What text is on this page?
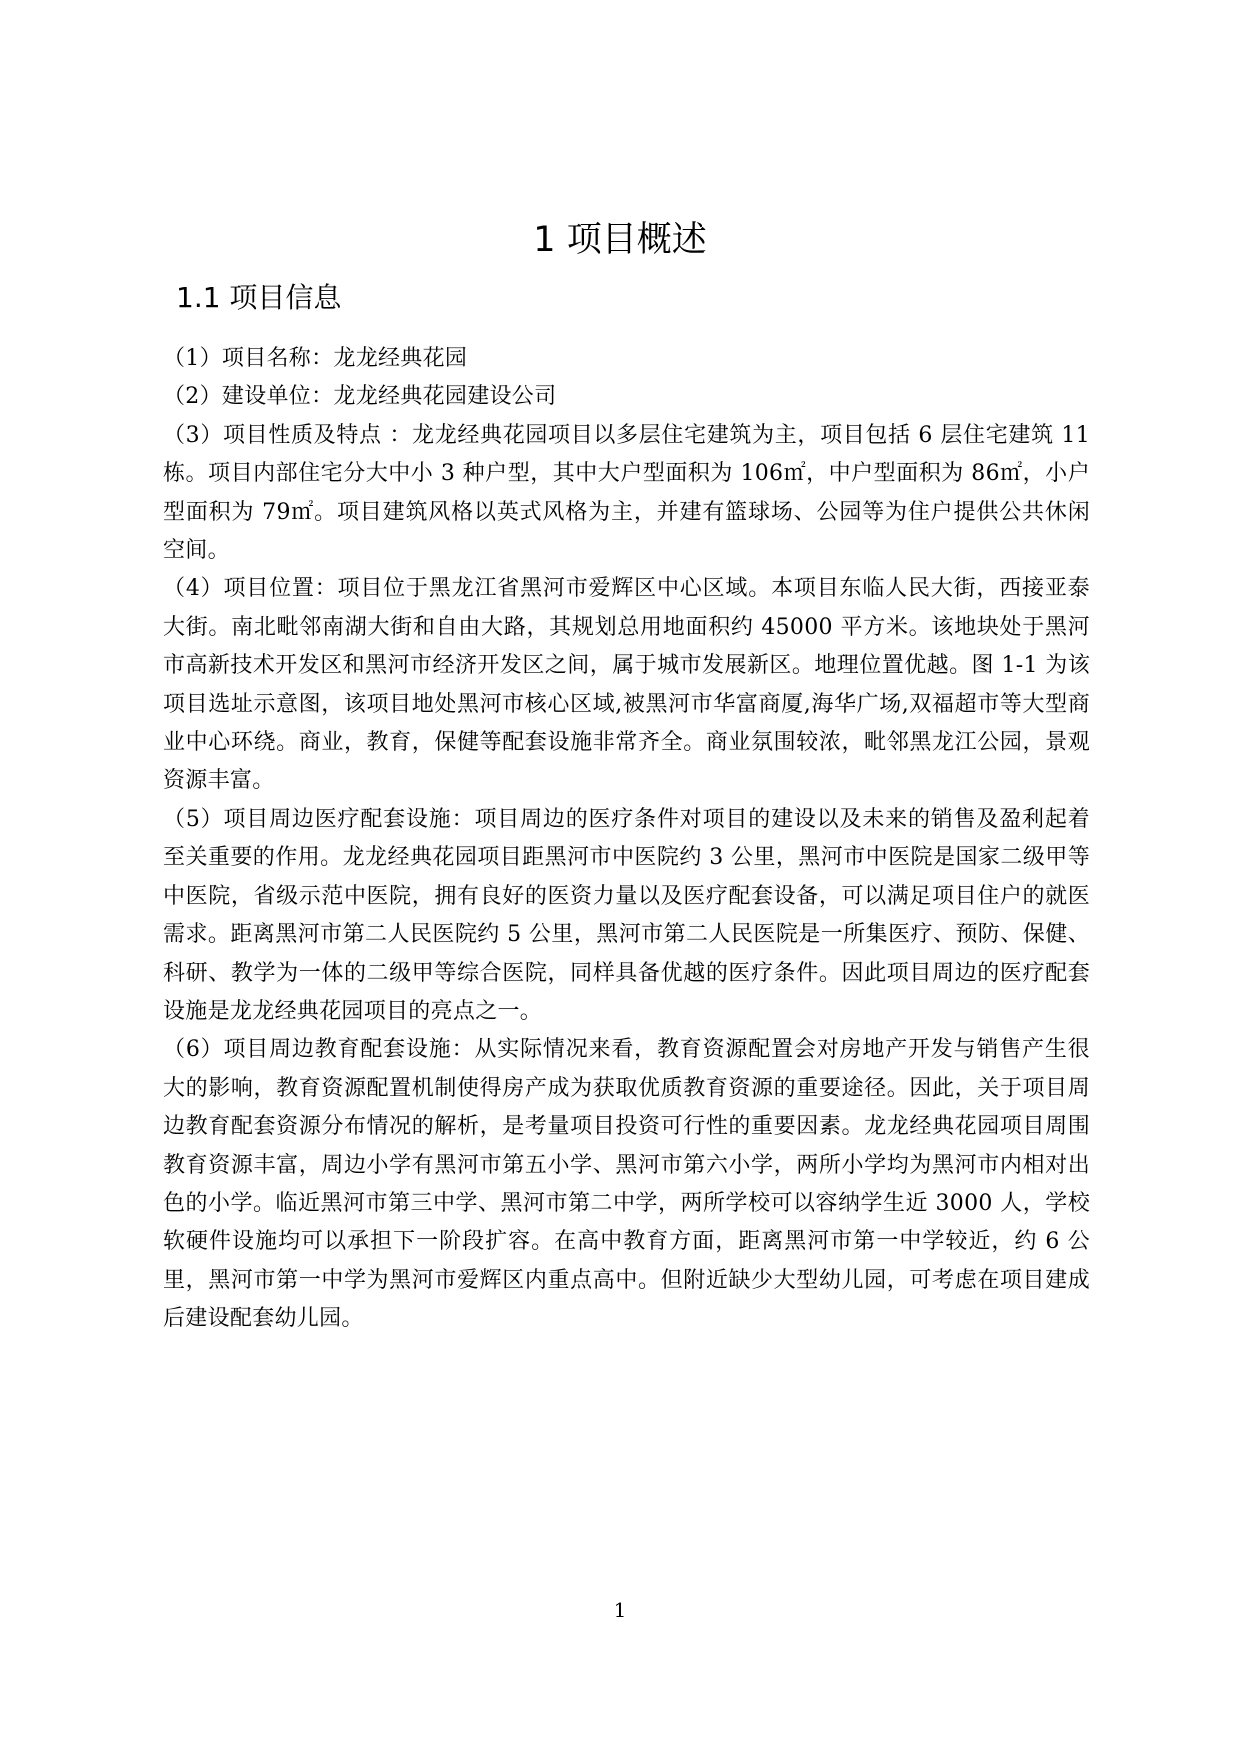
1 项目概述
1.1 项目信息

（1）项目名称：龙龙经典花园

（2）建设单位：龙龙经典花园建设公司

（3）项目性质及特点 ：龙龙经典花园项目以多层住宅建筑为主，项目包括 6 层住宅建筑 11 栋。项目内部住宅分大中小 3 种户型，其中大户型面积为 106㎡，中户型面积为 86㎡，小户型面积为 79㎡。项目建筑风格以英式风格为主，并建有篮球场、公园等为住户提供公共休闲空间。

（4）项目位置：项目位于黑龙江省黑河市爱辉区中心区域。本项目东临人民大街，西接亚泰大街。南北毗邻南湖大街和自由大路，其规划总用地面积约 45000 平方米。该地块处于黑河市高新技术开发区和黑河市经济开发区之间，属于城市发展新区。地理位置优越。图 1-1 为该项目选址示意图，该项目地处黑河市核心区域,被黑河市华富商厦,海华广场,双福超市等大型商业中心环绕。商业，教育，保健等配套设施非常齐全。商业氛围较浓，毗邻黑龙江公园，景观资源丰富。

（5）项目周边医疗配套设施：项目周边的医疗条件对项目的建设以及未来的销售及盈利起着至关重要的作用。龙龙经典花园项目距黑河市中医院约 3 公里，黑河市中医院是国家二级甲等中医院，省级示范中医院，拥有良好的医资力量以及医疗配套设备，可以满足项目住户的就医需求。距离黑河市第二人民医院约 5 公里，黑河市第二人民医院是一所集医疗、预防、保健、科研、教学为一体的二级甲等综合医院，同样具备优越的医疗条件。因此项目周边的医疗配套设施是龙龙经典花园项目的亮点之一。

（6）项目周边教育配套设施：从实际情况来看，教育资源配置会对房地产开发与销售产生很大的影响，教育资源配置机制使得房产成为获取优质教育资源的重要途径。因此，关于项目周边教育配套资源分布情况的解析，是考量项目投资可行性的重要因素。龙龙经典花园项目周围教育资源丰富，周边小学有黑河市第五小学、黑河市第六小学，两所小学均为黑河市内相对出色的小学。临近黑河市第三中学、黑河市第二中学，两所学校可以容纳学生近 3000 人，学校软硬件设施均可以承担下一阶段扩容。在高中教育方面，距离黑河市第一中学较近，约 6 公里，黑河市第一中学为黑河市爱辉区内重点高中。但附近缺少大型幼儿园，可考虑在项目建成后建设配套幼儿园。

1
